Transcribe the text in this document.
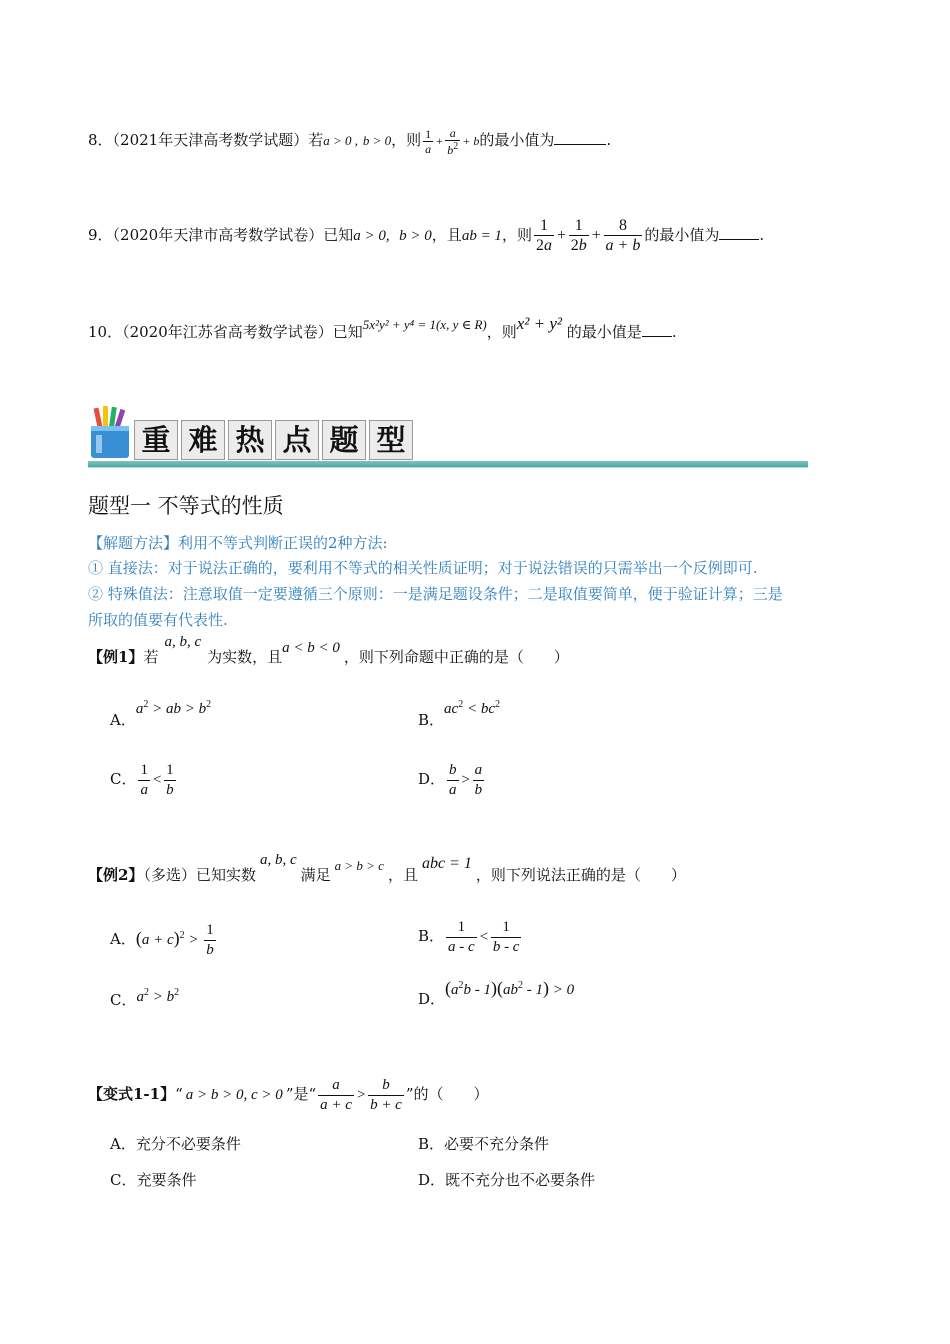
8．（2021年天津高考数学试题）若a > 0 , b > 0，则 $\frac{1}{a} + \frac{a}{b^2} + b$的最小值为	.
9．（2020年天津市高考数学试卷）已知a > 0, b > 0，且ab = 1，则 $\frac{1}{2a} + \frac{1}{2b} + \frac{8}{a + b}$ 的最小值为	.
10．（2020年江苏省高考数学试卷）已知5x²y² + y⁴ = 1(x, y ∈ R)，则x² + y² 的最小值是 .
重 难 热 点 题 型
题型一 不等式的性质
【解题方法】利用不等式判断正误的2种方法:
① 直接法：对于说法正确的，要利用不等式的相关性质证明；对于说法错误的只需举出一个反例即可.
② 特殊值法：注意取值一定要遵循三个原则：一是满足题设条件；二是取值要简单，便于验证计算；三是
所取的值要有代表性.
【例1】若a, b, c为实数，且a < b < 0 ，则下列命题中正确的是（　　）
A．$a^2$ > ab > $b^2$
B．$ac^2 < bc^2$
C． $\frac{1}{a} < \frac{1}{b}$	D． $\frac{b}{a} > \frac{a}{b}$
【例2】（多选）已知实数a, b, c满足a > b > c，且abc = 1，则下列说法正确的是（　　）
A．$(a + c)^2 > \frac{1}{b}$	B． $\frac{1}{a - c} < \frac{1}{b - c}$
C．$a^2 > b^2$	D．$(a^2b - 1)(ab^2 - 1) > 0$
【变式1-1】“ a > b > 0, c > 0 ”是“ $\frac{a}{a + c} > \frac{b}{b + c}$ ”的（　　）
A．充分不必要条件	B．必要不充分条件
C．充要条件	D．既不充分也不必要条件
